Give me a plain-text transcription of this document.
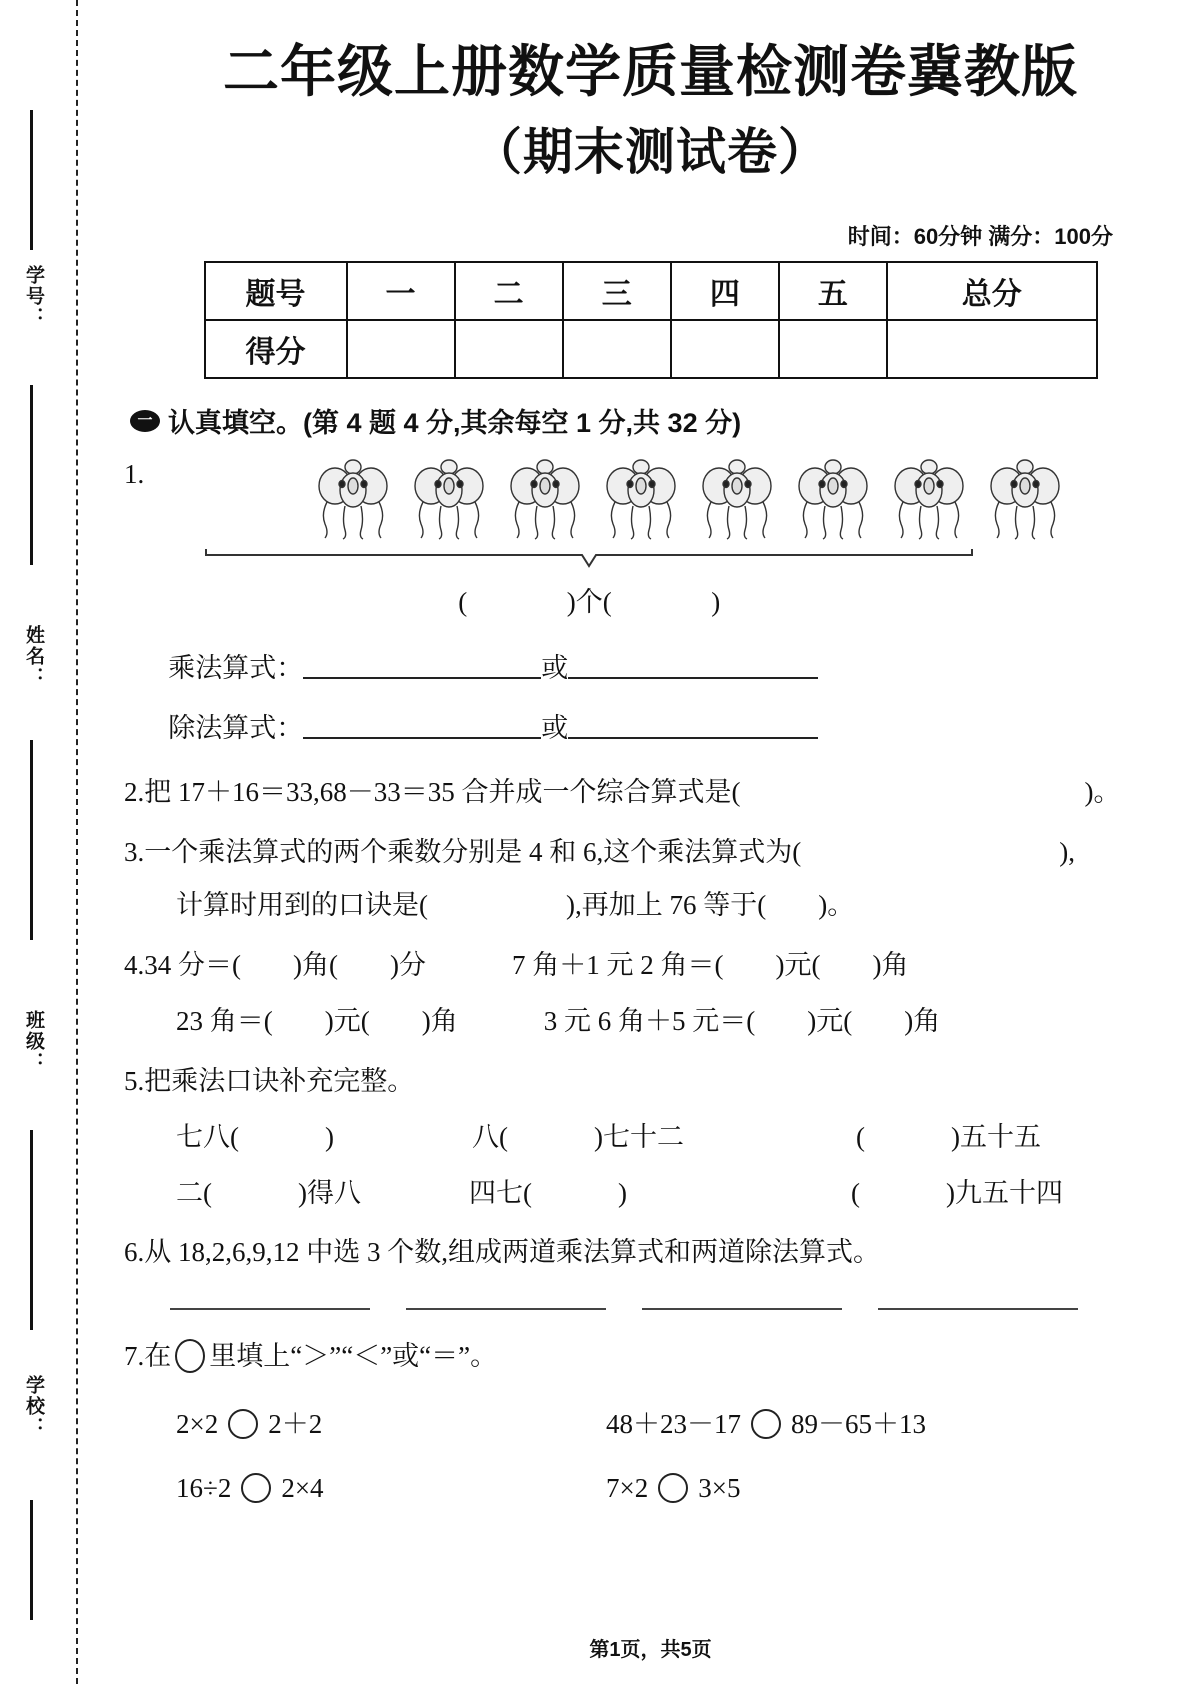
学号：
姓名：
班级：
学校：
二年级上册数学质量检测卷冀教版
（期末测试卷）
时间：60分钟 满分：100分
题号	一	二	三	四	五	总分
得分						
一 认真填空。(第 4 题 4 分,其余每空 1 分,共 32 分)
1.
(	)个(	)
乘法算式：	或
除法算式：	或
2.把 17＋16＝33,68－33＝35 合并成一个综合算式是(	)。
3.一个乘法算式的两个乘数分别是 4 和 6,这个乘法算式为(	),
计算时用到的口诀是(	),再加上 76 等于( )。
4.34 分＝( )角( )分	7 角＋1 元 2 角＝( )元( )角
23 角＝( )元( )角	3 元 6 角＋5 元＝( )元( )角
5.把乘法口诀补充完整。
七八(	)	八(	)七十二	(	)五十五
二(	)得八	四七(	)	(	)九五十四
6.从 18,2,6,9,12 中选 3 个数,组成两道乘法算式和两道除法算式。
7.在 里填上“＞”“＜”或“＝”。
2×2 2＋2	48＋23－17 89－65＋13
16÷2 2×4	7×2 3×5
第1页，共5页
